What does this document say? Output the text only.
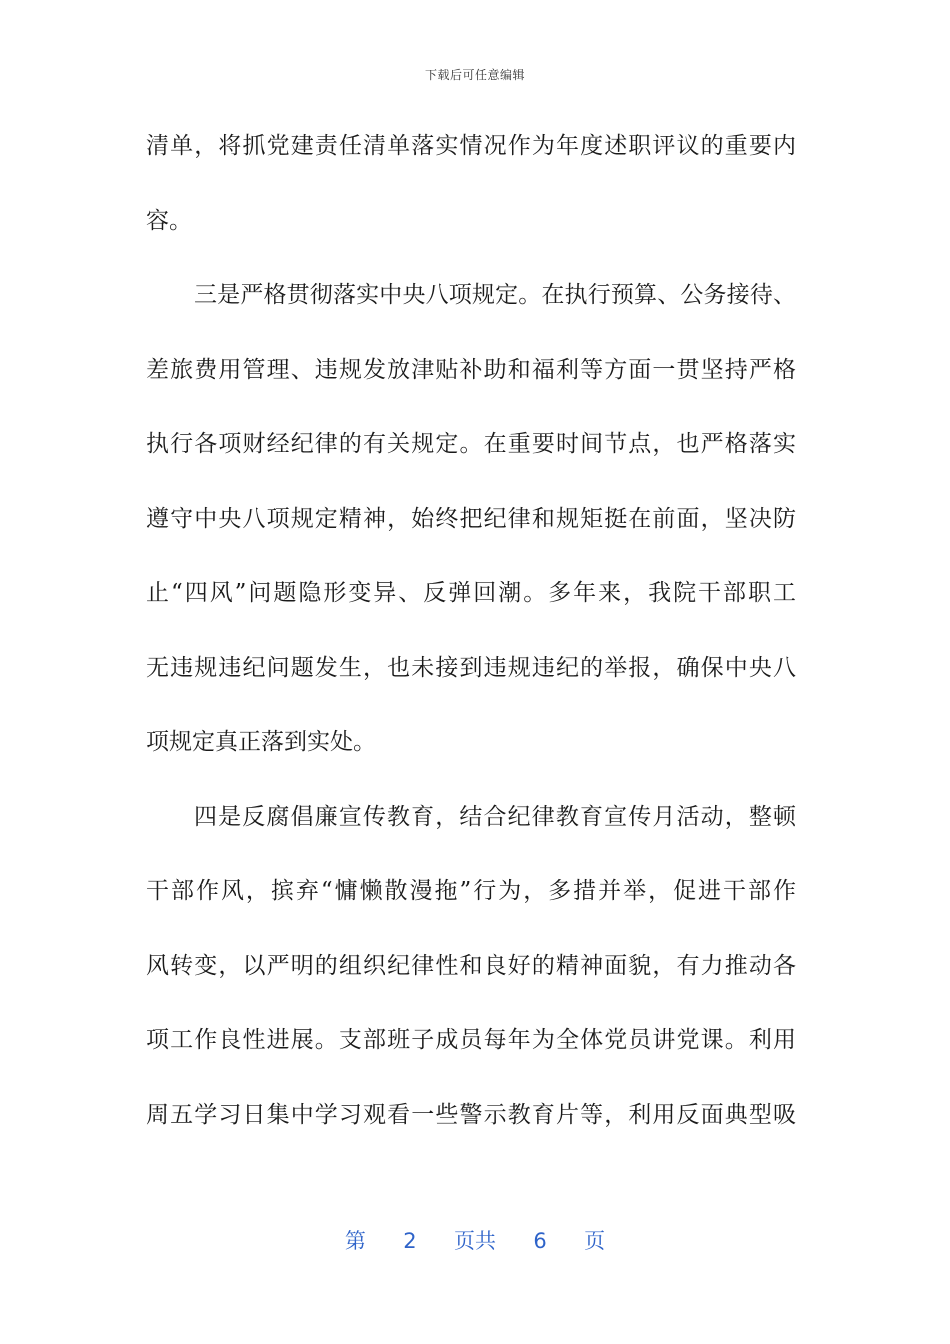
下载后可任意编辑
清单，将抓党建责任清单落实情况作为年度述职评议的重要内
容。
三是严格贯彻落实中央八项规定。在执行预算、公务接待、
差旅费用管理、违规发放津贴补助和福利等方面一贯坚持严格
执行各项财经纪律的有关规定。在重要时间节点，也严格落实
遵守中央八项规定精神，始终把纪律和规矩挺在前面，坚决防
止“四风”问题隐形变异、反弹回潮。多年来，我院干部职工
无违规违纪问题发生，也未接到违规违纪的举报，确保中央八
项规定真正落到实处。
四是反腐倡廉宣传教育，结合纪律教育宣传月活动，整顿
干部作风，摈弃“慵懒散漫拖”行为，多措并举，促进干部作
风转变，以严明的组织纪律性和良好的精神面貌，有力推动各
项工作良性进展。支部班子成员每年为全体党员讲党课。利用
周五学习日集中学习观看一些警示教育片等，利用反面典型吸
第 2 页共 6 页
